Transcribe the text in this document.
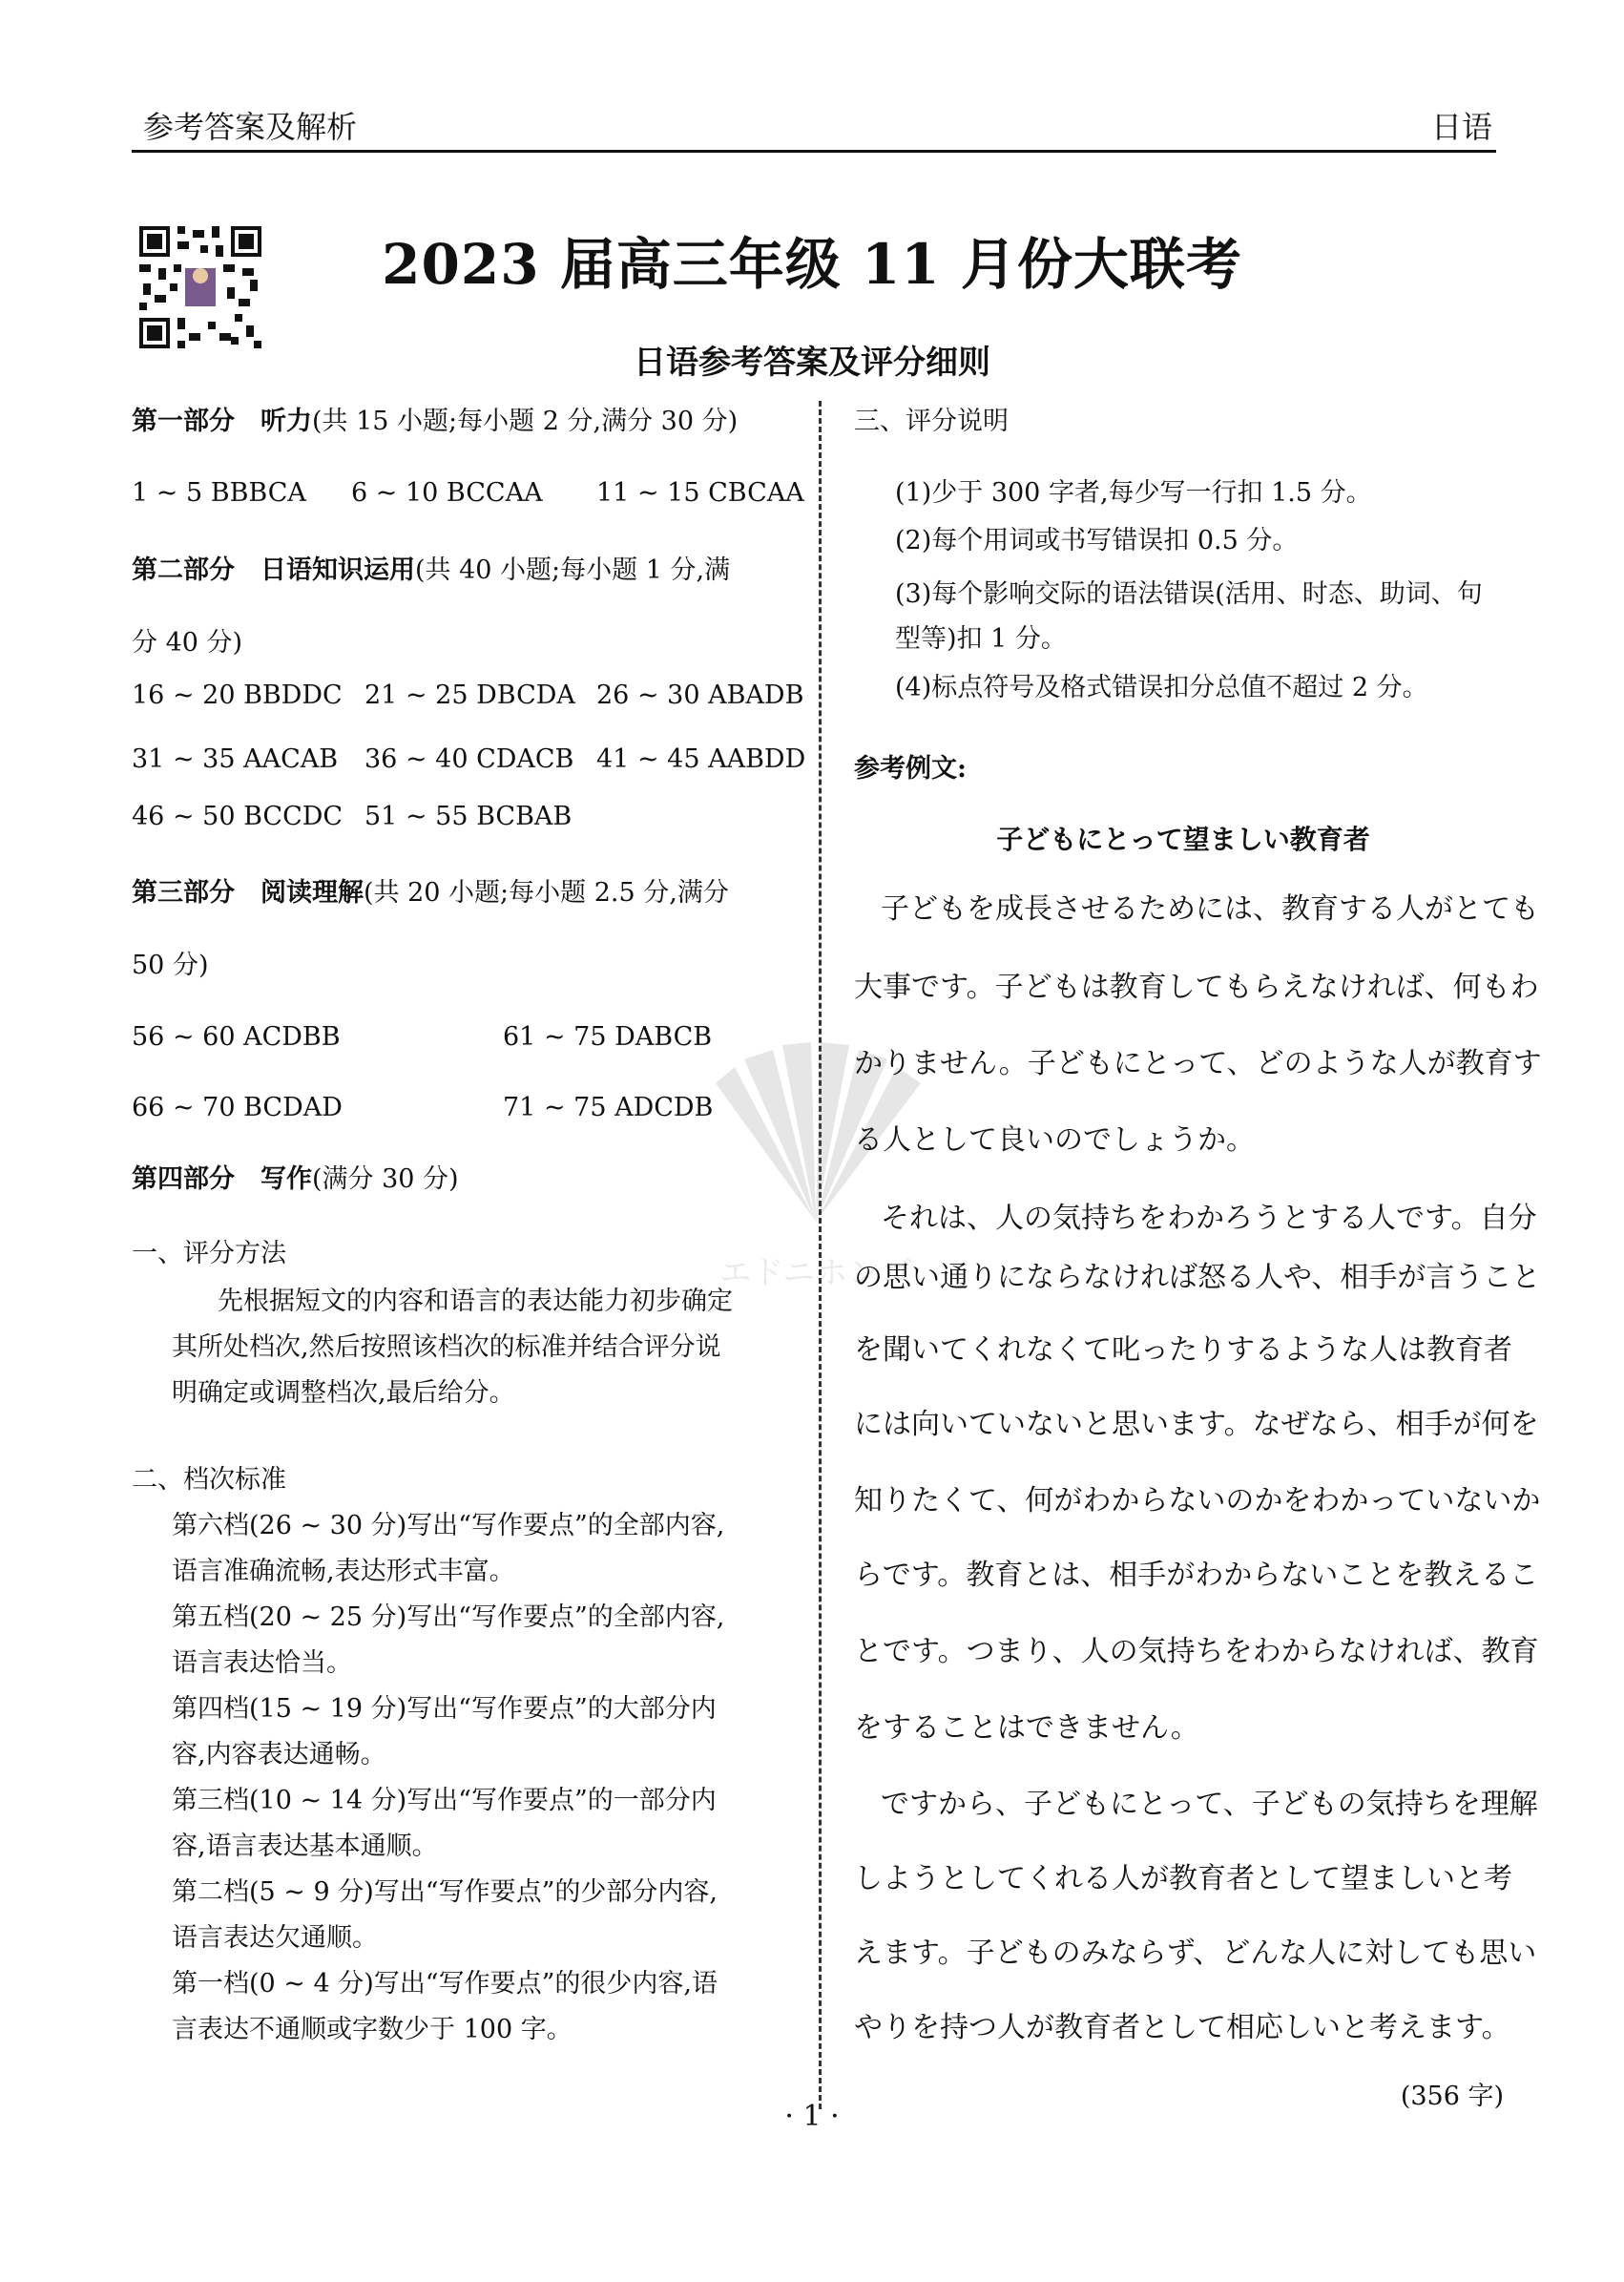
参考答案及解析	日语
2023 届高三年级 11 月份大联考
日语参考答案及评分细则
エドニホンゴ
第一部分　听力(共 15 小题;每小题 2 分,满分 30 分)
1 ~ 5 BBBCA 6 ~ 10 BCCAA 11 ~ 15 CBCAA
第二部分　日语知识运用(共 40 小题;每小题 1 分,满
分 40 分)
16 ~ 20 BBDDC 21 ~ 25 DBCDA 26 ~ 30 ABADB
31 ~ 35 AACAB 36 ~ 40 CDACB 41 ~ 45 AABDD
46 ~ 50 BCCDC 51 ~ 55 BCBAB
第三部分　阅读理解(共 20 小题;每小题 2.5 分,满分
50 分)
56 ~ 60 ACDBB	61 ~ 75 DABCB
66 ~ 70 BCDAD	71 ~ 75 ADCDB
第四部分　写作(满分 30 分)
一、评分方法
先根据短文的内容和语言的表达能力初步确定
其所处档次,然后按照该档次的标准并结合评分说
明确定或调整档次,最后给分。
二、档次标准
第六档(26 ~ 30 分)写出“写作要点”的全部内容,
语言准确流畅,表达形式丰富。
第五档(20 ~ 25 分)写出“写作要点”的全部内容,
语言表达恰当。
第四档(15 ~ 19 分)写出“写作要点”的大部分内
容,内容表达通畅。
第三档(10 ~ 14 分)写出“写作要点”的一部分内
容,语言表达基本通顺。
第二档(5 ~ 9 分)写出“写作要点”的少部分内容,
语言表达欠通顺。
第一档(0 ~ 4 分)写出“写作要点”的很少内容,语
言表达不通顺或字数少于 100 字。
三、评分说明
(1)少于 300 字者,每少写一行扣 1.5 分。
(2)每个用词或书写错误扣 0.5 分。
(3)每个影响交际的语法错误(活用、时态、助词、句
型等)扣 1 分。
(4)标点符号及格式错误扣分总值不超过 2 分。
参考例文:
子どもにとって望ましい教育者
子どもを成長させるためには、教育する人がとても
大事です。子どもは教育してもらえなければ、何もわ
かりません。子どもにとって、どのような人が教育す
る人として良いのでしょうか。
それは、人の気持ちをわかろうとする人です。自分
の思い通りにならなければ怒る人や、相手が言うこと
を聞いてくれなくて叱ったりするような人は教育者
には向いていないと思います。なぜなら、相手が何を
知りたくて、何がわからないのかをわかっていないか
らです。教育とは、相手がわからないことを教えるこ
とです。つまり、人の気持ちをわからなければ、教育
をすることはできません。
ですから、子どもにとって、子どもの気持ちを理解
しようとしてくれる人が教育者として望ましいと考
えます。子どものみならず、どんな人に対しても思い
やりを持つ人が教育者として相応しいと考えます。
(356 字)
· 1 ·
